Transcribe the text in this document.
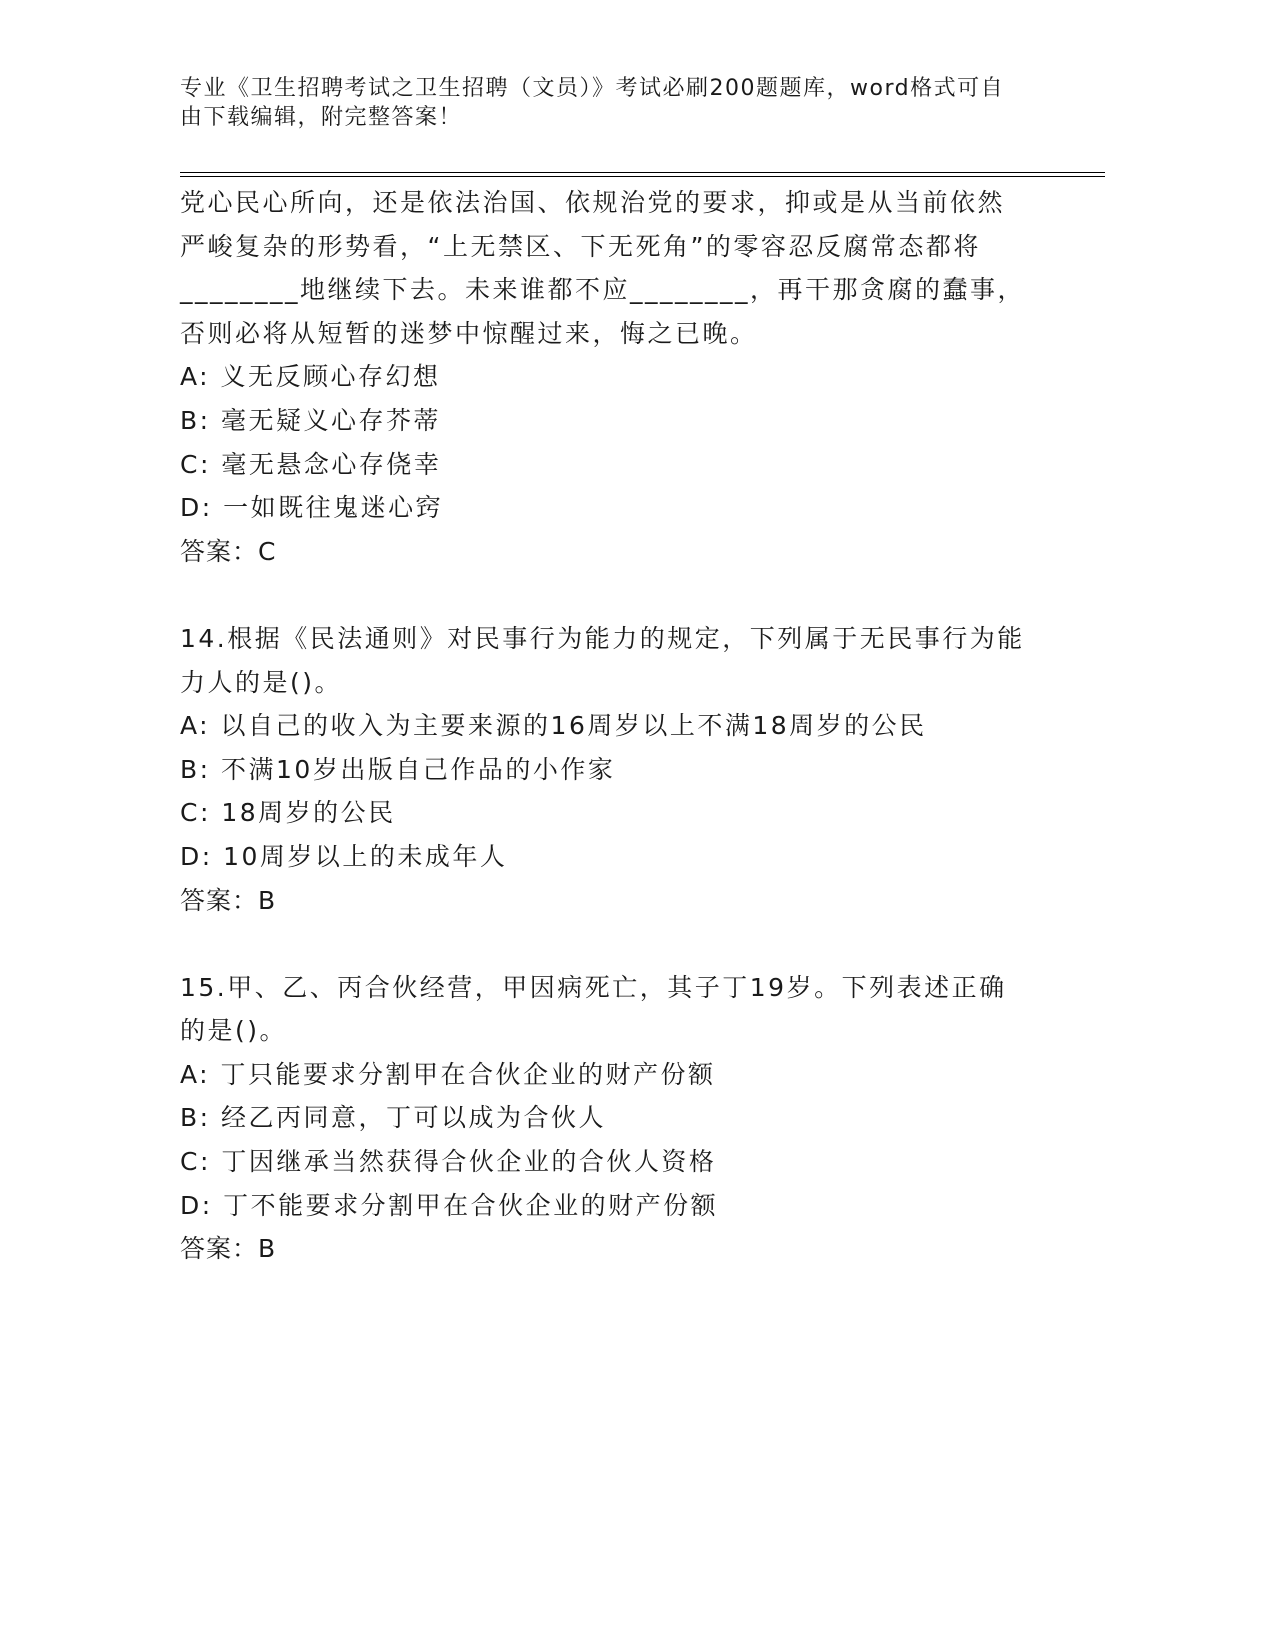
专业《卫生招聘考试之卫生招聘（文员）》考试必刷200题题库，word格式可自
由下载编辑，附完整答案！
党心民心所向，还是依法治国、依规治党的要求，抑或是从当前依然
严峻复杂的形势看，“上无禁区、下无死角”的零容忍反腐常态都将
________地继续下去。未来谁都不应________，再干那贪腐的蠢事，
否则必将从短暂的迷梦中惊醒过来，悔之已晚。
A: 义无反顾心存幻想
B: 毫无疑义心存芥蒂
C: 毫无悬念心存侥幸
D: 一如既往鬼迷心窍
答案：C
14.根据《民法通则》对民事行为能力的规定，下列属于无民事行为能
力人的是()。
A: 以自己的收入为主要来源的16周岁以上不满18周岁的公民
B: 不满10岁出版自己作品的小作家
C: 18周岁的公民
D: 10周岁以上的未成年人
答案：B
15.甲、乙、丙合伙经营，甲因病死亡，其子丁19岁。下列表述正确
的是()。
A: 丁只能要求分割甲在合伙企业的财产份额
B: 经乙丙同意，丁可以成为合伙人
C: 丁因继承当然获得合伙企业的合伙人资格
D: 丁不能要求分割甲在合伙企业的财产份额
答案：B
